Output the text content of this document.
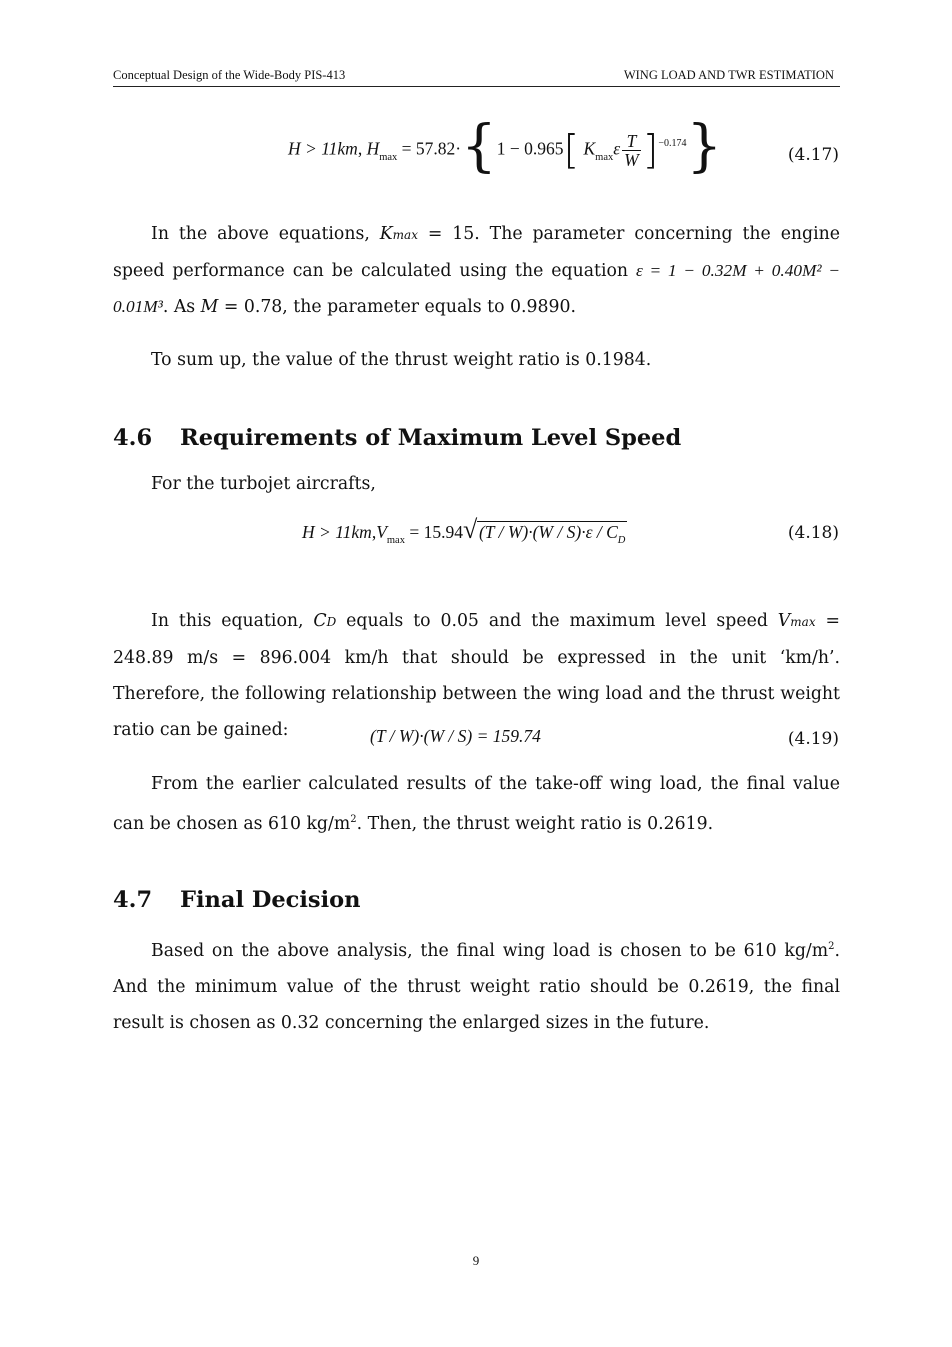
Conceptual Design of the Wide-Body PIS-413	WING LOAD AND TWR ESTIMATION
H > 11km, $H_{max} = 57.82\cdot\{1 - 0.965$[ $K_{max}\varepsilon \frac{T}{W} ]^{-0.174}$}	(4.17)
In the above equations, Kmax = 15. The parameter concerning the engine speed performance can be calculated using the equation ε = 1 − 0.32M + 0.40M² − 0.01M³. As M = 0.78, the parameter equals to 0.9890.
To sum up, the value of the thrust weight ratio is 0.1984.
4.6 Requirements of Maximum Level Speed
For the turbojet aircrafts,
$H > 11km,V_{max} = 15.94$ √ $(T / W)\cdot(W / S)\cdot\varepsilon / C_D$	(4.18)
In this equation, CD equals to 0.05 and the maximum level speed Vmax = 248.89 m/s = 896.004 km/h that should be expressed in the unit ‘km/h’. Therefore, the following relationship between the wing load and the thrust weight ratio can be gained:	(T / W)·(W / S) = 159.74	(4.19)
From the earlier calculated results of the take-off wing load, the final value can be chosen as 610 $kg/m^2$. Then, the thrust weight ratio is 0.2619.
4.7 Final Decision
Based on the above analysis, the final wing load is chosen to be 610 $kg/m^2$. And the minimum value of the thrust weight ratio should be 0.2619, the final result is chosen as 0.32 concerning the enlarged sizes in the future.
9
